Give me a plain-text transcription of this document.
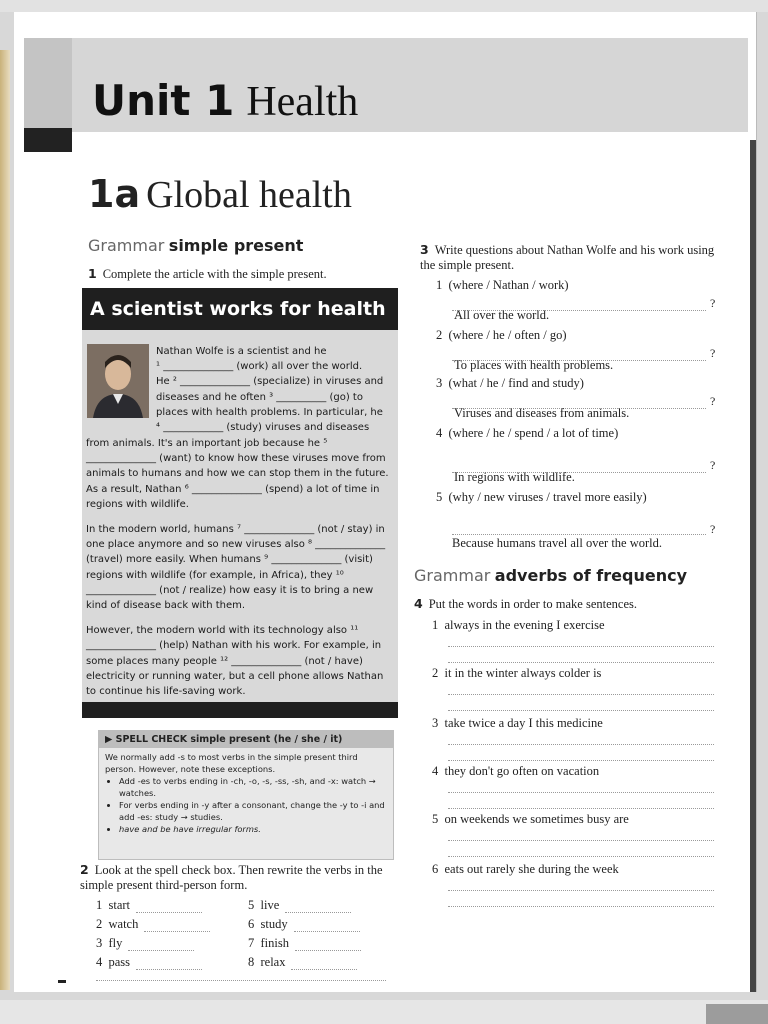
Unit 1 Health
1a Global health
Grammar simple present
1 Complete the article with the simple present.
A scientist works for health
Nathan Wolfe is a scientist and he
¹ ______________ (work) all over the world.
He ² ______________ (specialize) in viruses and
diseases and he often ³ __________ (go) to
places with health problems. In particular, he
⁴ ____________ (study) viruses and diseases

from animals. It's an important job because he ⁵ ______________ (want) to know how these viruses move from animals to humans and how we can stop them in the future. As a result, Nathan ⁶ ______________ (spend) a lot of time in regions with wildlife.

In the modern world, humans ⁷ ______________ (not / stay) in one place anymore and so new viruses also ⁸ ______________ (travel) more easily. When humans ⁹ ______________ (visit) regions with wildlife (for example, in Africa), they ¹⁰ ______________ (not / realize) how easy it is to bring a new kind of disease back with them.

However, the modern world with its technology also ¹¹ ______________ (help) Nathan with his work. For example, in some places many people ¹² ______________ (not / have) electricity or running water, but a cell phone allows Nathan to continue his life-saving work.

▶ SPELL CHECK simple present (he / she / it)
We normally add -s to most verbs in the simple present third person. However, note these exceptions.
• Add -es to verbs ending in -ch, -o, -s, -ss, -sh, and -x: watch → watches.
• For verbs ending in -y after a consonant, change the -y to -i and add -es: study → studies.
• have and be have irregular forms.
2 Look at the spell check box. Then rewrite the verbs in the simple present third-person form.
1 start
2 watch
3 fly
4 pass
5 live
6 study
7 finish
8 relax
3 Write questions about Nathan Wolfe and his work using the simple present.
1 (where / Nathan / work)
?
All over the world.
2 (where / he / often / go)
?
To places with health problems.
3 (what / he / find and study)
?
Viruses and diseases from animals.
4 (where / he / spend / a lot of time)
?
In regions with wildlife.
5 (why / new viruses / travel more easily)
?
Because humans travel all over the world.
Grammar adverbs of frequency
4 Put the words in order to make sentences.
1 always in the evening I exercise
2 it in the winter always colder is
3 take twice a day I this medicine
4 they don't go often on vacation
5 on weekends we sometimes busy are
6 eats out rarely she during the week
